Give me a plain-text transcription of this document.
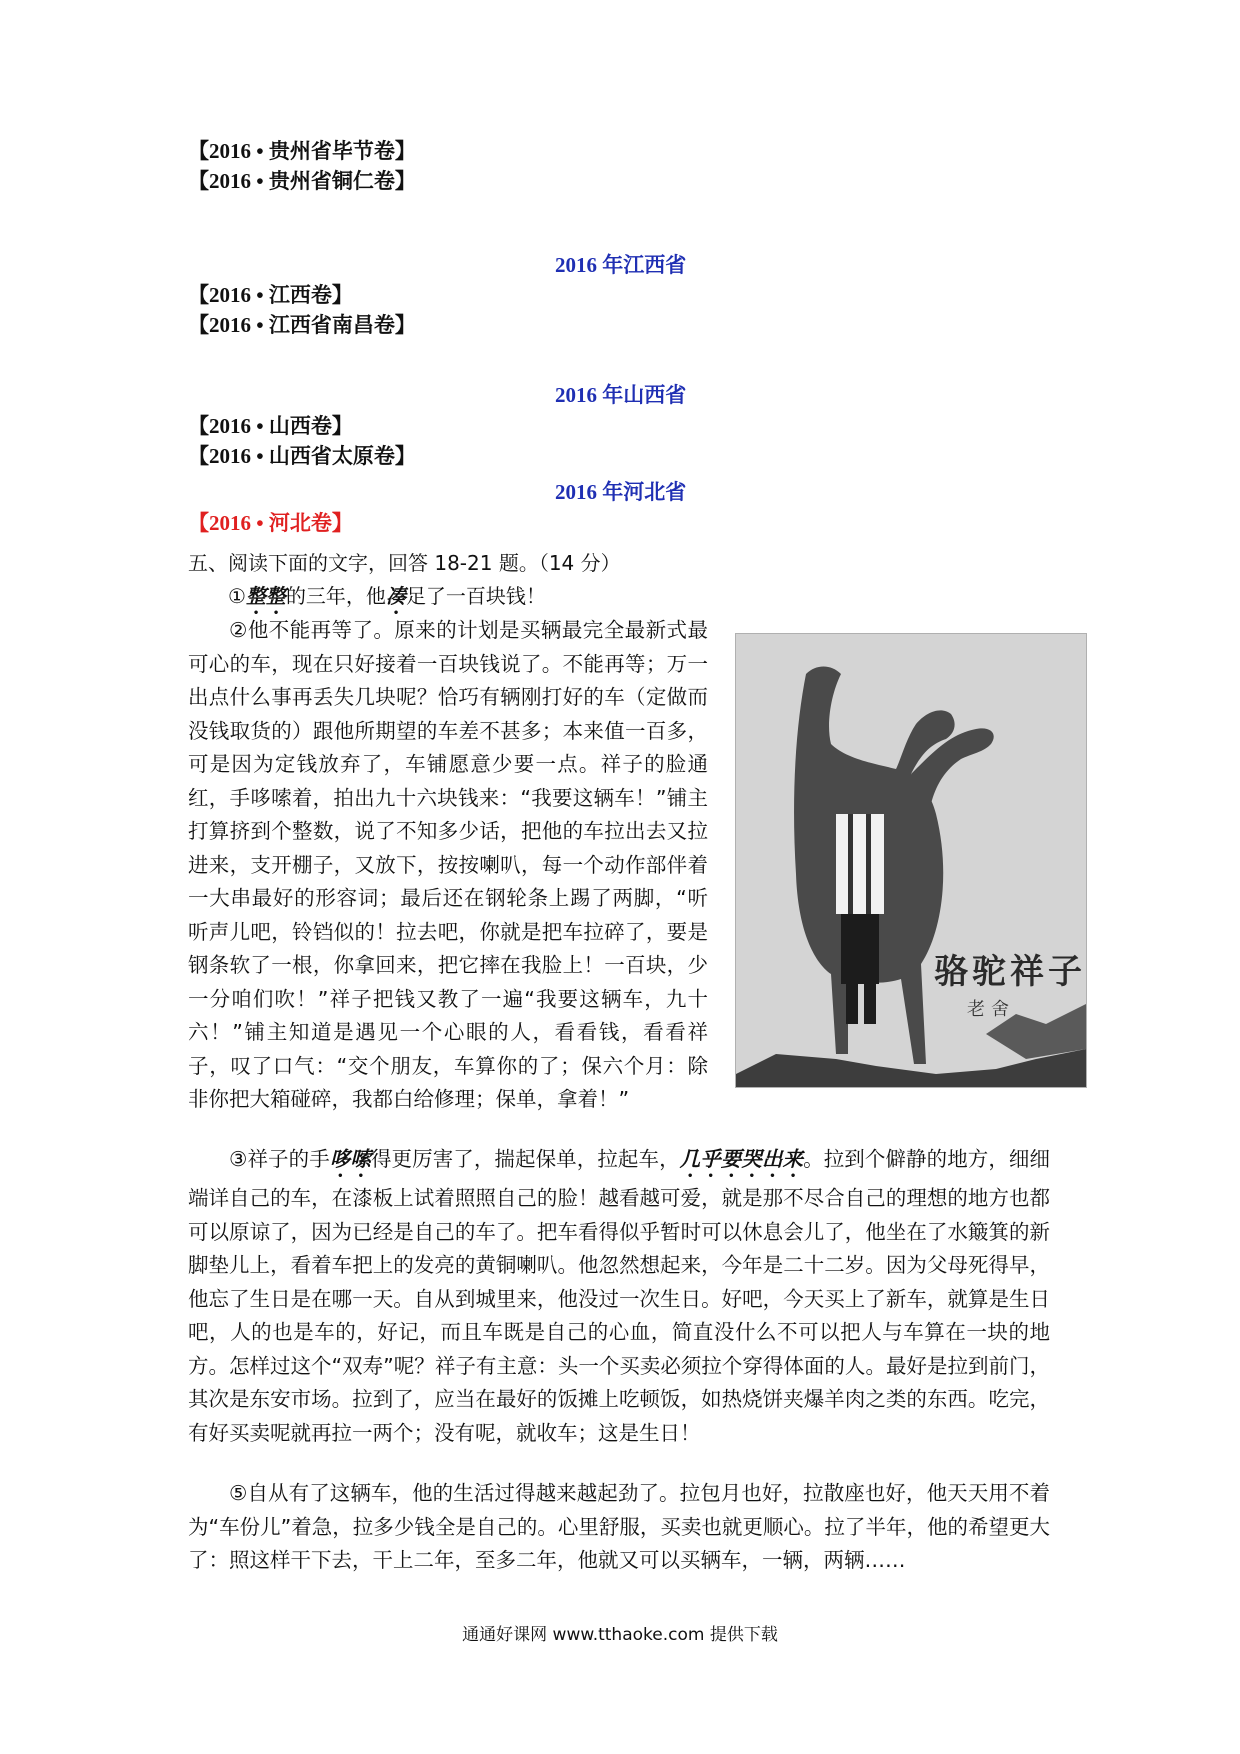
【2016 • 贵州省毕节卷】
【2016 • 贵州省铜仁卷】
2016 年江西省
【2016 • 江西卷】
【2016 • 江西省南昌卷】
2016 年山西省
【2016 • 山西卷】
【2016 • 山西省太原卷】
2016 年河北省
【2016 • 河北卷】
五、阅读下面的文字，回答 18-21 题。（14 分）
①整整的三年，他凑足了一百块钱！
②他不能再等了。原来的计划是买辆最完全最新式最可心的车，现在只好接着一百块钱说了。不能再等；万一出点什么事再丢失几块呢？恰巧有辆刚打好的车（定做而没钱取货的）跟他所期望的车差不甚多；本来值一百多，可是因为定钱放弃了，车铺愿意少要一点。祥子的脸通红，手哆嗦着，拍出九十六块钱来：“我要这辆车！”铺主打算挤到个整数，说了不知多少话，把他的车拉出去又拉进来，支开棚子，又放下，按按喇叭，每一个动作部伴着一大串最好的形容词；最后还在钢轮条上踢了两脚，“听听声儿吧，铃铛似的！拉去吧，你就是把车拉碎了，要是钢条软了一根，你拿回来，把它摔在我脸上！一百块，少一分咱们吹！”祥子把钱又教了一遍“我要这辆车，九十六！”铺主知道是遇见一个心眼的人，看看钱，看看祥子，叹了口气：“交个朋友，车算你的了；保六个月：除非你把大箱碰碎，我都白给修理；保单，拿着！”
骆驼祥子
老舍
③祥子的手哆嗦得更厉害了，揣起保单，拉起车，几乎要哭出来。拉到个僻静的地方，细细端详自己的车，在漆板上试着照照自己的脸！越看越可爱，就是那不尽合自己的理想的地方也都可以原谅了，因为已经是自己的车了。把车看得似乎暂时可以休息会儿了，他坐在了水簸箕的新脚垫儿上，看着车把上的发亮的黄铜喇叭。他忽然想起来，今年是二十二岁。因为父母死得早，他忘了生日是在哪一天。自从到城里来，他没过一次生日。好吧，今天买上了新车，就算是生日吧，人的也是车的，好记，而且车既是自己的心血，简直没什么不可以把人与车算在一块的地方。怎样过这个“双寿”呢？祥子有主意：头一个买卖必须拉个穿得体面的人。最好是拉到前门，其次是东安市场。拉到了，应当在最好的饭摊上吃顿饭，如热烧饼夹爆羊肉之类的东西。吃完，有好买卖呢就再拉一两个；没有呢，就收车；这是生日！
⑤自从有了这辆车，他的生活过得越来越起劲了。拉包月也好，拉散座也好，他天天用不着为“车份儿”着急，拉多少钱全是自己的。心里舒服，买卖也就更顺心。拉了半年，他的希望更大了：照这样干下去，干上二年，至多二年，他就又可以买辆车，一辆，两辆……
通通好课网 www.tthaoke.com 提供下载
